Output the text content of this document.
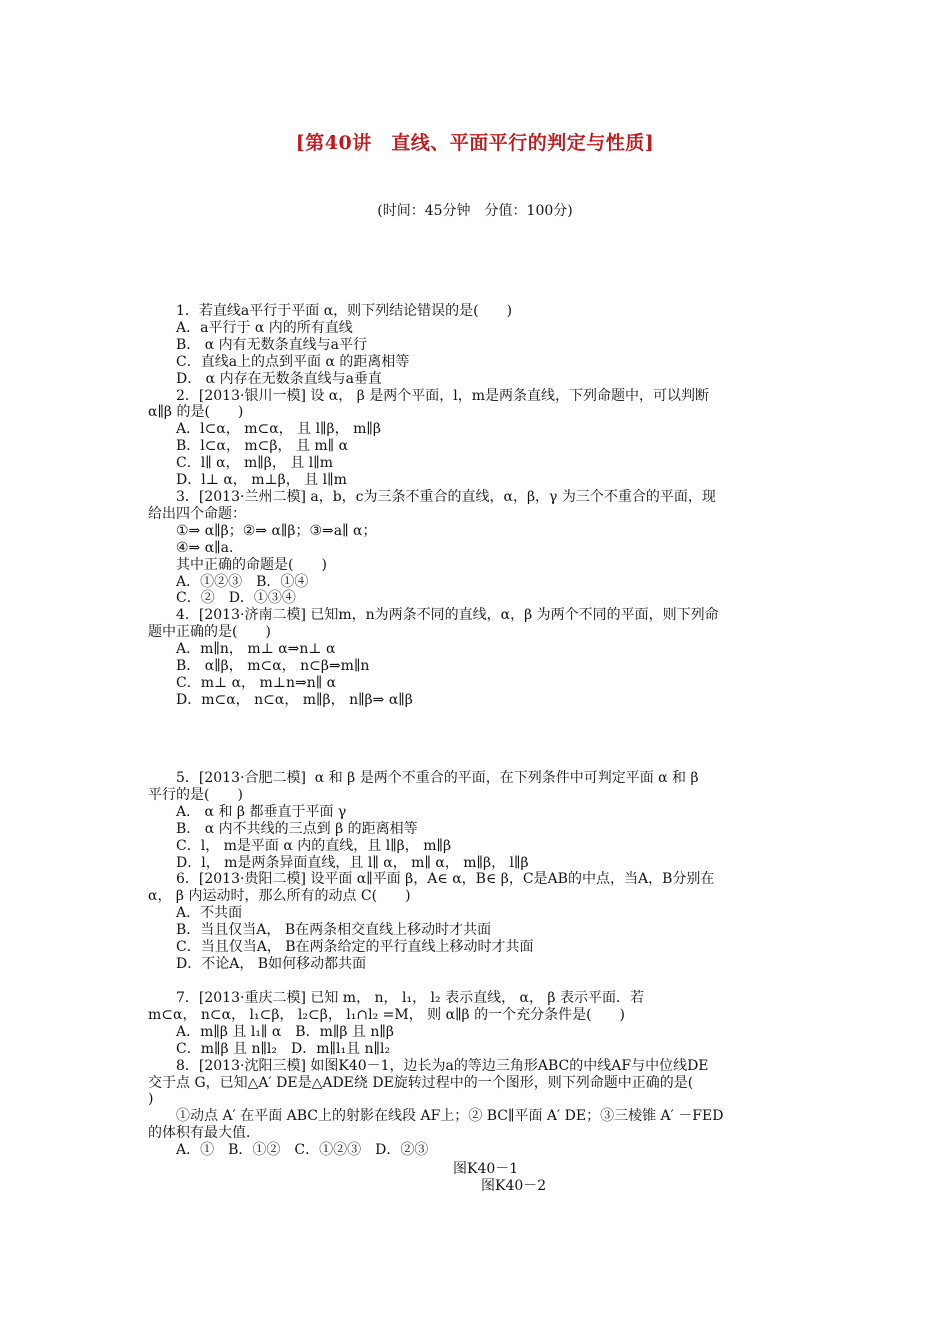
[第40讲　直线、平面平行的判定与性质]
(时间：45分钟　分值：100分)
1．若直线a平行于平面 α，则下列结论错误的是(　　)
A．a平行于 α 内的所有直线
B． α 内有无数条直线与a平行
C．直线a上的点到平面 α 的距离相等
D． α 内存在无数条直线与a垂直
2．[2013·银川一模] 设 α， β 是两个平面，l，m是两条直线，下列命题中，可以判断
α∥β 的是(　　)
A．l⊂α， m⊂α， 且 l∥β， m∥β
B．l⊂α， m⊂β， 且 m∥ α
C．l∥ α， m∥β， 且 l∥m
D．l⊥ α， m⊥β， 且 l∥m
3．[2013·兰州二模] a，b，c为三条不重合的直线，α，β，γ 为三个不重合的平面，现
给出四个命题：
①⇒ α∥β；②⇒ α∥β；③⇒a∥ α；
④⇒ α∥a.
其中正确的命题是(　　)
A．①②③　B．①④
C．②　D．①③④
4．[2013·济南二模] 已知m，n为两条不同的直线，α，β 为两个不同的平面，则下列命
题中正确的是(　　)
A．m∥n， m⊥ α⇒n⊥ α
B． α∥β， m⊂α， n⊂β⇒m∥n
C．m⊥ α， m⊥n⇒n∥ α
D．m⊂α， n⊂α， m∥β， n∥β⇒ α∥β
5．[2013·合肥二模]  α 和 β 是两个不重合的平面，在下列条件中可判定平面 α 和 β
平行的是(　　)
A． α 和 β 都垂直于平面 γ
B． α 内不共线的三点到 β 的距离相等
C．l， m是平面 α 内的直线，且 l∥β， m∥β
D．l， m是两条异面直线，且 l∥ α， m∥ α， m∥β， l∥β
6．[2013·贵阳二模] 设平面 α∥平面 β，A∈ α，B∈ β，C是AB的中点，当A，B分别在
α， β 内运动时，那么所有的动点 C(　　)
A．不共面
B．当且仅当A， B在两条相交直线上移动时才共面
C．当且仅当A， B在两条给定的平行直线上移动时才共面
D．不论A， B如何移动都共面
7．[2013·重庆二模] 已知 m， n， l₁， l₂ 表示直线， α， β 表示平面．若
m⊂α， n⊂α， l₁⊂β， l₂⊂β， l₁∩l₂ =M， 则 α∥β 的一个充分条件是(　　)
A．m∥β 且 l₁∥ α　B．m∥β 且 n∥β
C．m∥β 且 n∥l₂　D．m∥l₁且 n∥l₂
8．[2013·沈阳三模] 如图K40－1，边长为a的等边三角形ABC的中线AF与中位线DE
交于点 G，已知△A′ DE是△ADE绕 DE旋转过程中的一个图形，则下列命题中正确的是(
)
①动点 A′ 在平面 ABC上的射影在线段 AF上；② BC∥平面 A′ DE；③三棱锥 A′ －FED
的体积有最大值．
A．①　B．①②　C．①②③　D．②③
图K40－1
图K40－2
